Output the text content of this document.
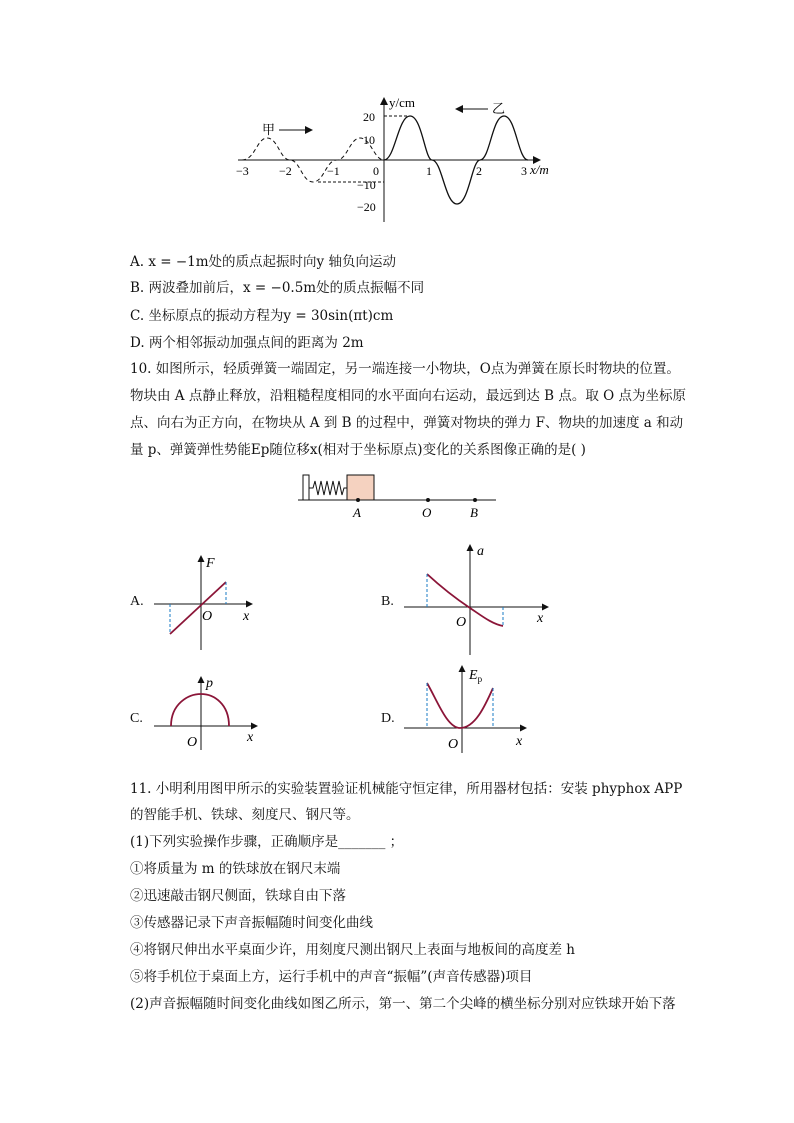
y/cm
x/m
20
10
−10
−20
−3	−2	−1	0	1	2	3
甲
乙
A. x = −1m处的质点起振时向y 轴负向运动
B. 两波叠加前后，x = −0.5m处的质点振幅不同
C. 坐标原点的振动方程为y = 30sin(πt)cm
D. 两个相邻振动加强点间的距离为 2m
10. 如图所示，轻质弹簧一端固定，另一端连接一小物块，O点为弹簧在原长时物块的位置。
物块由 A 点静止释放，沿粗糙程度相同的水平面向右运动，最远到达 B 点。取 O 点为坐标原
点、向右为正方向，在物块从 A 到 B 的过程中，弹簧对物块的弹力 F、物块的加速度 a 和动
量 p、弹簧弹性势能Ep随位移x(相对于坐标原点)变化的关系图像正确的是( )
A	O	B
A.
F
x
O
B.
a
x
O
C.
p
x
O
D.
$E_p$
x
O
11. 小明利用图甲所示的实验装置验证机械能守恒定律，所用器材包括：安装 phyphox APP
的智能手机、铁球、刻度尺、钢尺等。
(1)下列实验操作步骤，正确顺序是_______ ；
①将质量为 m 的铁球放在钢尺末端
②迅速敲击钢尺侧面，铁球自由下落
③传感器记录下声音振幅随时间变化曲线
④将钢尺伸出水平桌面少许，用刻度尺测出钢尺上表面与地板间的高度差 h
⑤将手机位于桌面上方，运行手机中的声音“振幅”(声音传感器)项目
(2)声音振幅随时间变化曲线如图乙所示，第一、第二个尖峰的横坐标分别对应铁球开始下落
